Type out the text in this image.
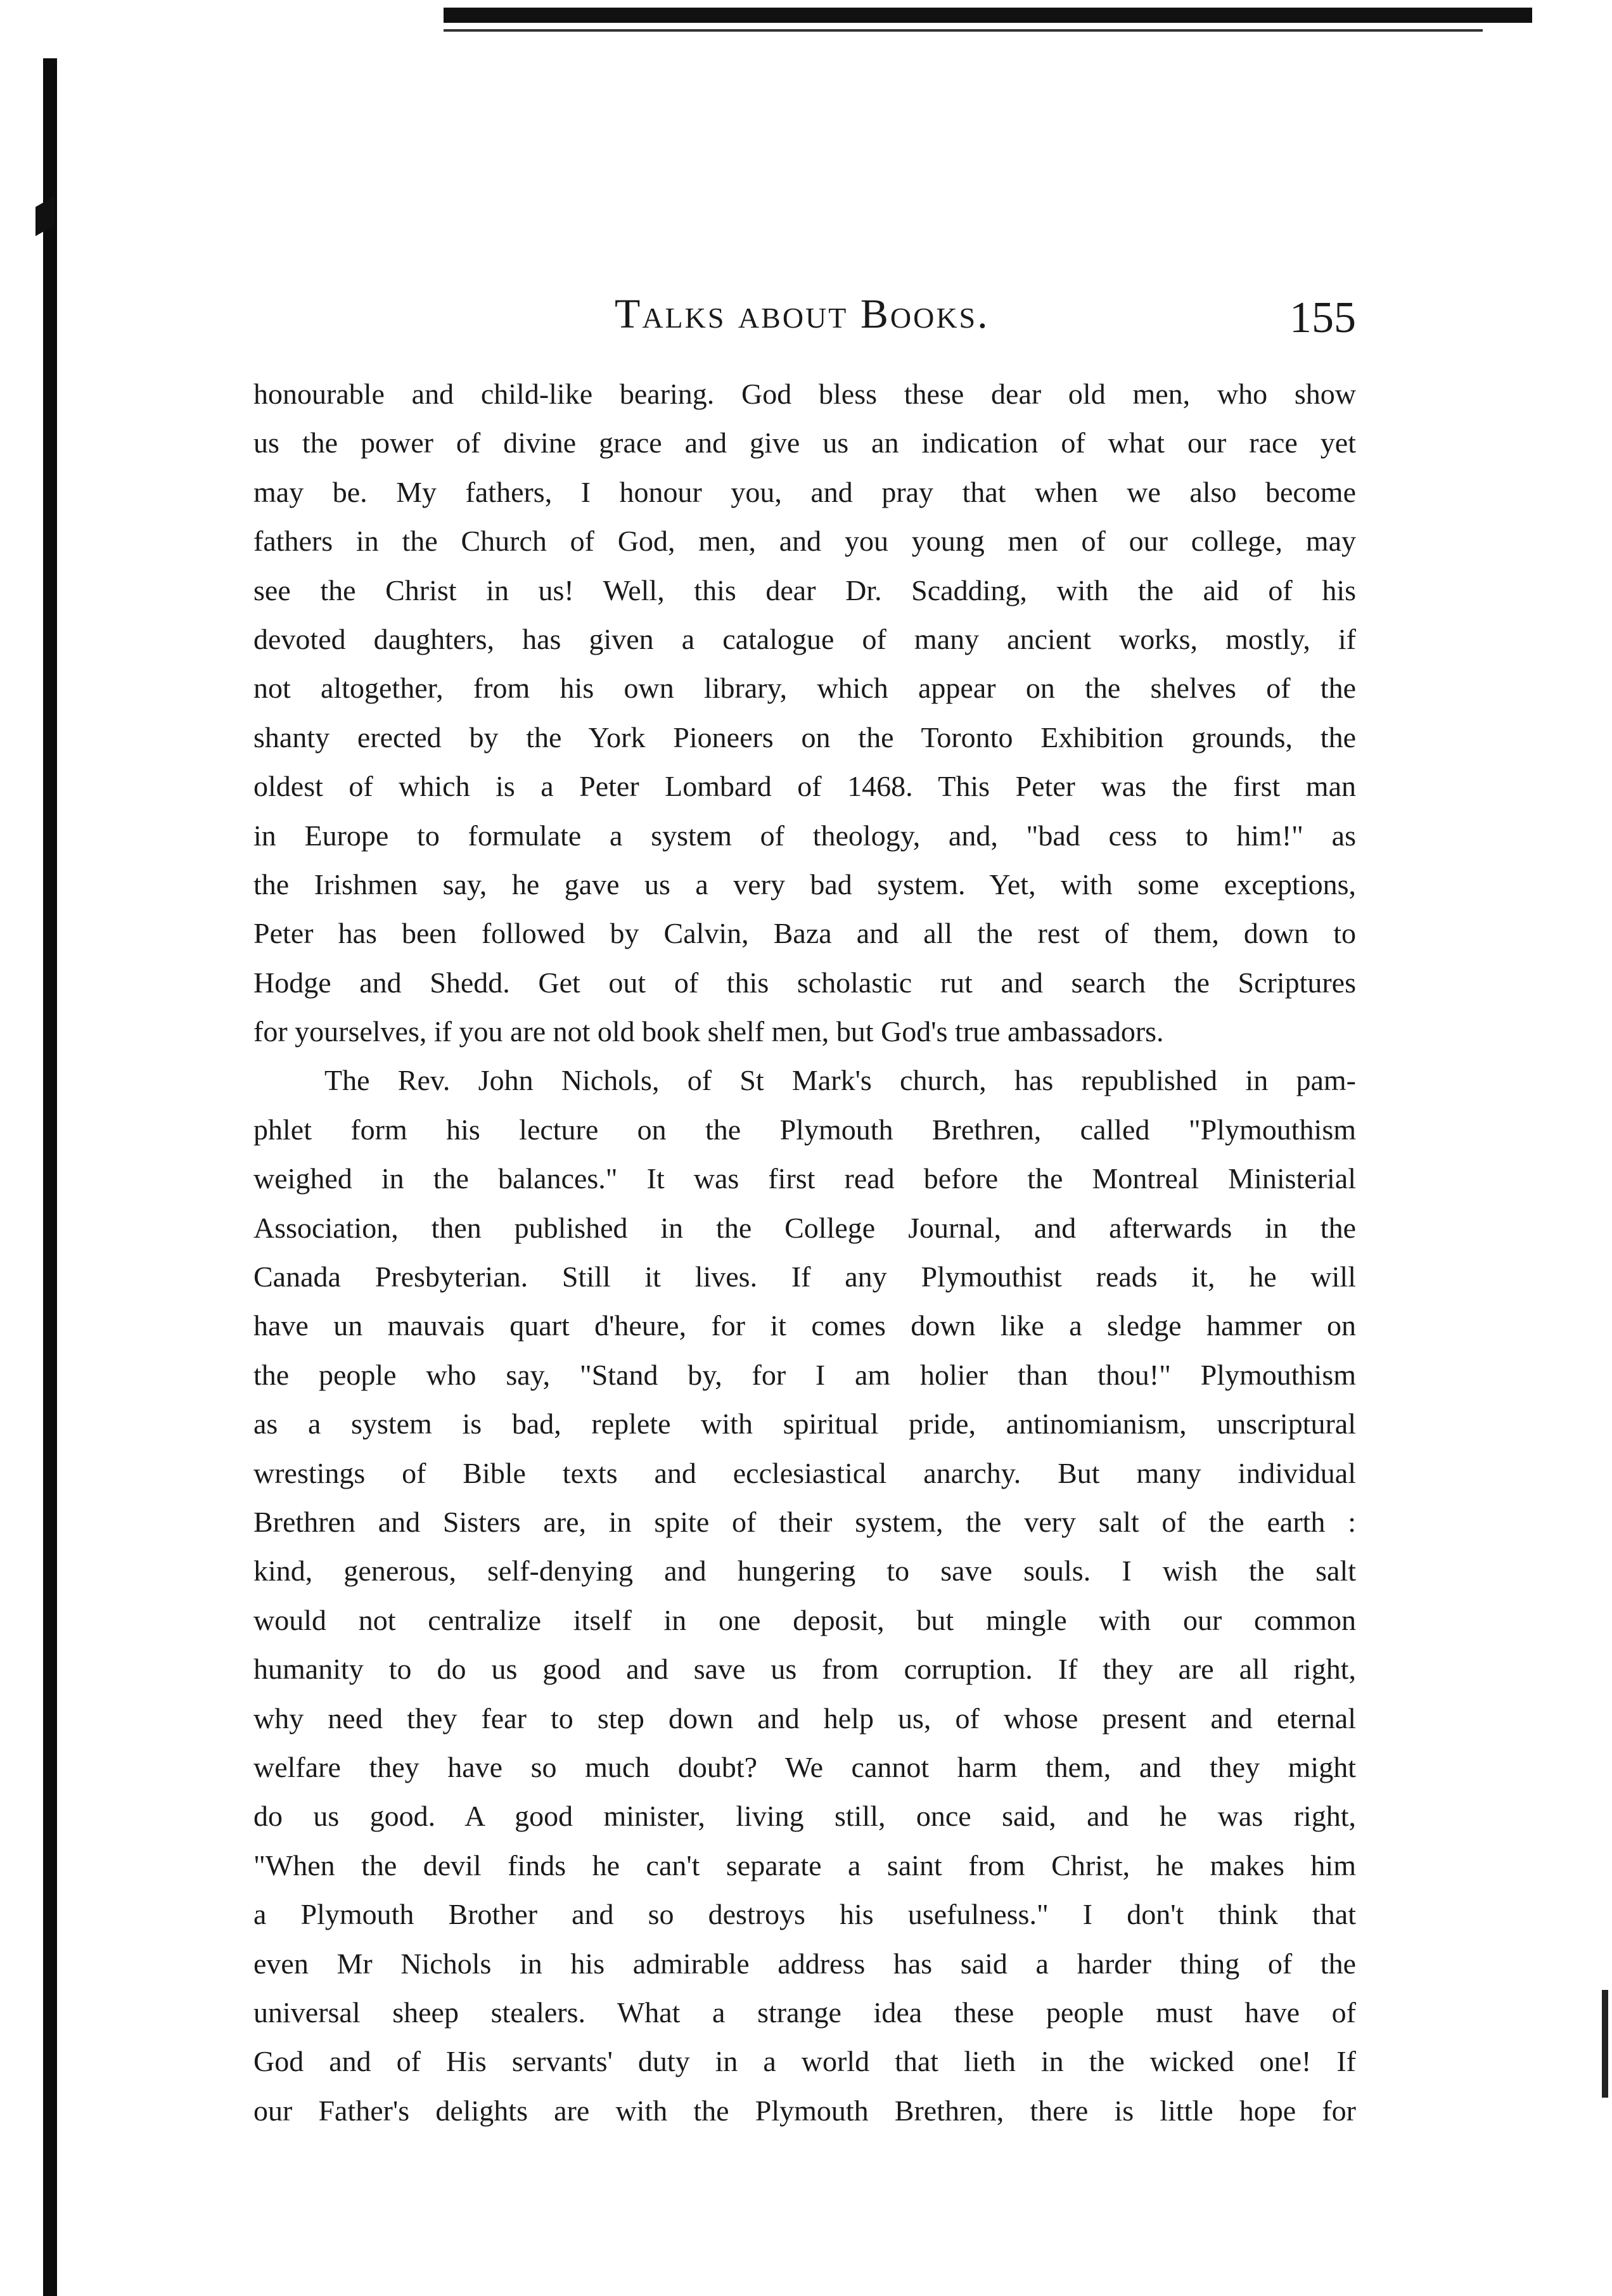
Talks about Books.	155
honourable and child-like bearing. God bless these dear old men, who show
us the power of divine grace and give us an indication of what our race yet
may be. My fathers, I honour you, and pray that when we also become
fathers in the Church of God, men, and you young men of our college, may
see the Christ in us! Well, this dear Dr. Scadding, with the aid of his
devoted daughters, has given a catalogue of many ancient works, mostly, if
not altogether, from his own library, which appear on the shelves of the
shanty erected by the York Pioneers on the Toronto Exhibition grounds, the
oldest of which is a Peter Lombard of 1468. This Peter was the first man
in Europe to formulate a system of theology, and, "bad cess to him!" as
the Irishmen say, he gave us a very bad system. Yet, with some exceptions,
Peter has been followed by Calvin, Baza and all the rest of them, down to
Hodge and Shedd. Get out of this scholastic rut and search the Scriptures
for yourselves, if you are not old book shelf men, but God's true ambassadors.
The Rev. John Nichols, of St Mark's church, has republished in pam-
phlet form his lecture on the Plymouth Brethren, called "Plymouthism
weighed in the balances." It was first read before the Montreal Ministerial
Association, then published in the College Journal, and afterwards in the
Canada Presbyterian. Still it lives. If any Plymouthist reads it, he will
have un mauvais quart d'heure, for it comes down like a sledge hammer on
the people who say, "Stand by, for I am holier than thou!" Plymouthism
as a system is bad, replete with spiritual pride, antinomianism, unscriptural
wrestings of Bible texts and ecclesiastical anarchy. But many individual
Brethren and Sisters are, in spite of their system, the very salt of the earth :
kind, generous, self-denying and hungering to save souls. I wish the salt
would not centralize itself in one deposit, but mingle with our common
humanity to do us good and save us from corruption. If they are all right,
why need they fear to step down and help us, of whose present and eternal
welfare they have so much doubt? We cannot harm them, and they might
do us good. A good minister, living still, once said, and he was right,
"When the devil finds he can't separate a saint from Christ, he makes him
a Plymouth Brother and so destroys his usefulness." I don't think that
even Mr Nichols in his admirable address has said a harder thing of the
universal sheep stealers. What a strange idea these people must have of
God and of His servants' duty in a world that lieth in the wicked one! If
our Father's delights are with the Plymouth Brethren, there is little hope for
